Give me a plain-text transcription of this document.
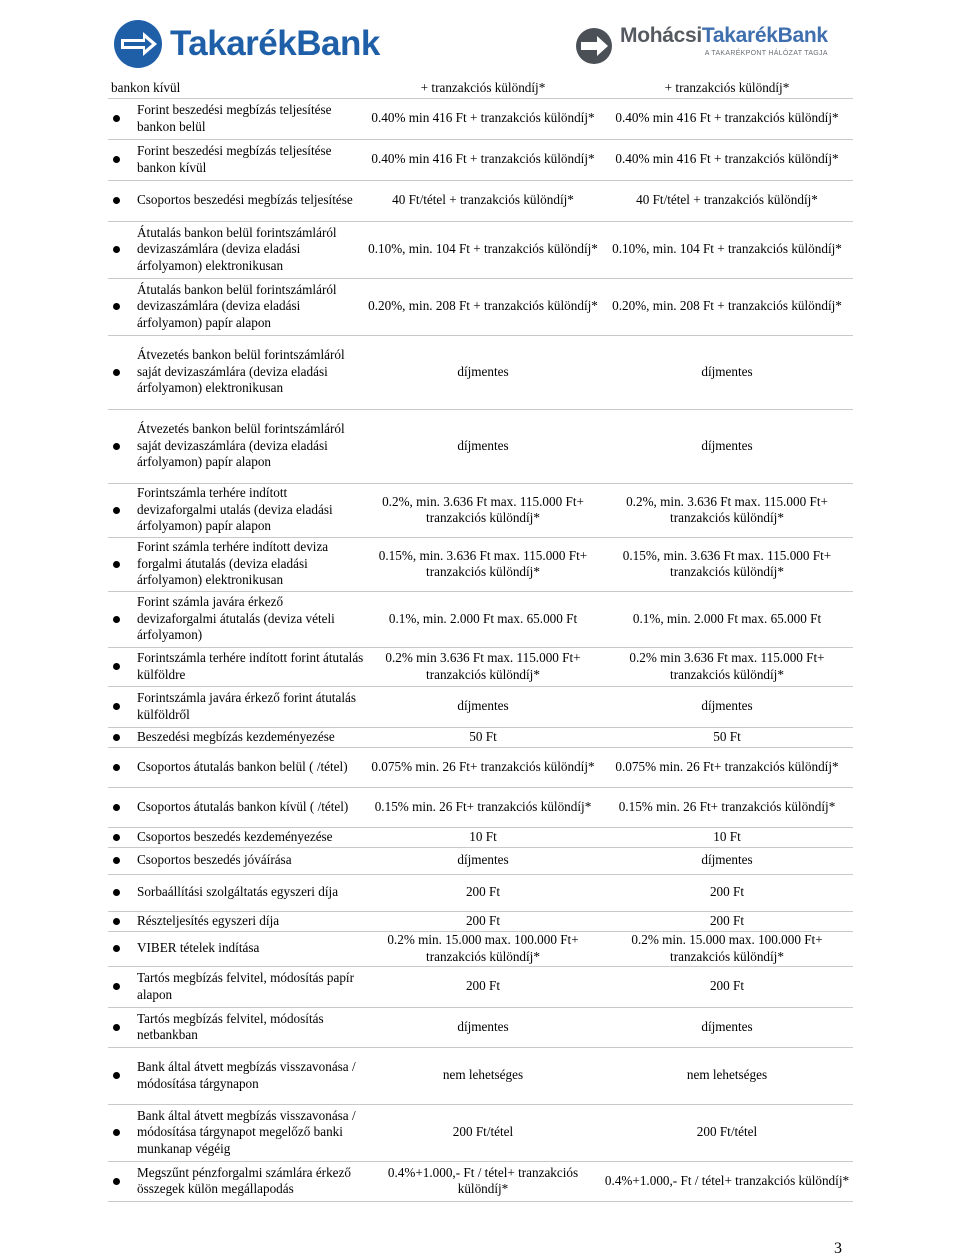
TakarékBank	MohácsiTakarékBank
A TAKARÉKPONT HÁLÓZAT TAGJA
bankon kívül	+ tranzakciós különdíj*	+ tranzakciós különdíj*

Forint beszedési megbízás teljesítése bankon belül	0.40% min 416 Ft + tranzakciós különdíj*	0.40% min 416 Ft + tranzakciós különdíj*

Forint beszedési megbízás teljesítése bankon kívül	0.40% min 416 Ft + tranzakciós különdíj*	0.40% min 416 Ft + tranzakciós különdíj*

Csoportos beszedési megbízás teljesítése	40 Ft/tétel + tranzakciós különdíj*	40 Ft/tétel + tranzakciós különdíj*

Átutalás bankon belül forintszámláról devizaszámlára (deviza eladási árfolyamon) elektronikusan	0.10%, min. 104 Ft + tranzakciós különdíj*	0.10%, min. 104 Ft + tranzakciós különdíj*

Átutalás bankon belül forintszámláról devizaszámlára (deviza eladási árfolyamon) papír alapon	0.20%, min. 208 Ft + tranzakciós különdíj*	0.20%, min. 208 Ft + tranzakciós különdíj*

Átvezetés bankon belül forintszámláról saját devizaszámlára (deviza eladási árfolyamon) elektronikusan	díjmentes	díjmentes

Átvezetés bankon belül forintszámláról saját devizaszámlára (deviza eladási árfolyamon) papír alapon	díjmentes	díjmentes

Forintszámla terhére indított devizaforgalmi utalás (deviza eladási árfolyamon) papír alapon	0.2%, min. 3.636 Ft max. 115.000 Ft+ tranzakciós különdíj*	0.2%, min. 3.636 Ft max. 115.000 Ft+ tranzakciós különdíj*

Forint számla terhére indított deviza forgalmi átutalás (deviza eladási árfolyamon) elektronikusan	0.15%, min. 3.636 Ft max. 115.000 Ft+ tranzakciós különdíj*	0.15%, min. 3.636 Ft max. 115.000 Ft+ tranzakciós különdíj*

Forint számla javára érkező devizaforgalmi átutalás (deviza vételi árfolyamon)	0.1%, min. 2.000 Ft max. 65.000 Ft	0.1%, min. 2.000 Ft max. 65.000 Ft

Forintszámla terhére indított forint átutalás külföldre	0.2% min 3.636 Ft max. 115.000 Ft+ tranzakciós különdíj*	0.2% min 3.636 Ft max. 115.000 Ft+ tranzakciós különdíj*

Forintszámla javára érkező forint átutalás külföldről	díjmentes	díjmentes

Beszedési megbízás kezdeményezése	50 Ft	50 Ft

Csoportos átutalás bankon belül ( /tétel)	0.075% min. 26 Ft+ tranzakciós különdíj*	0.075% min. 26 Ft+ tranzakciós különdíj*

Csoportos átutalás bankon kívül ( /tétel)	0.15% min. 26 Ft+ tranzakciós különdíj*	0.15% min. 26 Ft+ tranzakciós különdíj*

Csoportos beszedés kezdeményezése	10 Ft	10 Ft

Csoportos beszedés jóváírása	díjmentes	díjmentes

Sorbaállítási szolgáltatás egyszeri díja	200 Ft	200 Ft

Részteljesítés egyszeri díja	200 Ft	200 Ft

VIBER tételek indítása	0.2% min. 15.000 max. 100.000 Ft+ tranzakciós különdíj*	0.2% min. 15.000 max. 100.000 Ft+ tranzakciós különdíj*

Tartós megbízás felvitel, módosítás papír alapon	200 Ft	200 Ft

Tartós megbízás felvitel, módosítás netbankban	díjmentes	díjmentes

Bank által átvett megbízás visszavonása / módosítása tárgynapon	nem lehetséges	nem lehetséges

Bank által átvett megbízás visszavonása / módosítása tárgynapot megelőző banki munkanap végéig	200 Ft/tétel	200 Ft/tétel

Megszűnt pénzforgalmi számlára érkező összegek külön megállapodás	0.4%+1.000,- Ft / tétel+ tranzakciós különdíj*	0.4%+1.000,- Ft / tétel+ tranzakciós különdíj*
3
